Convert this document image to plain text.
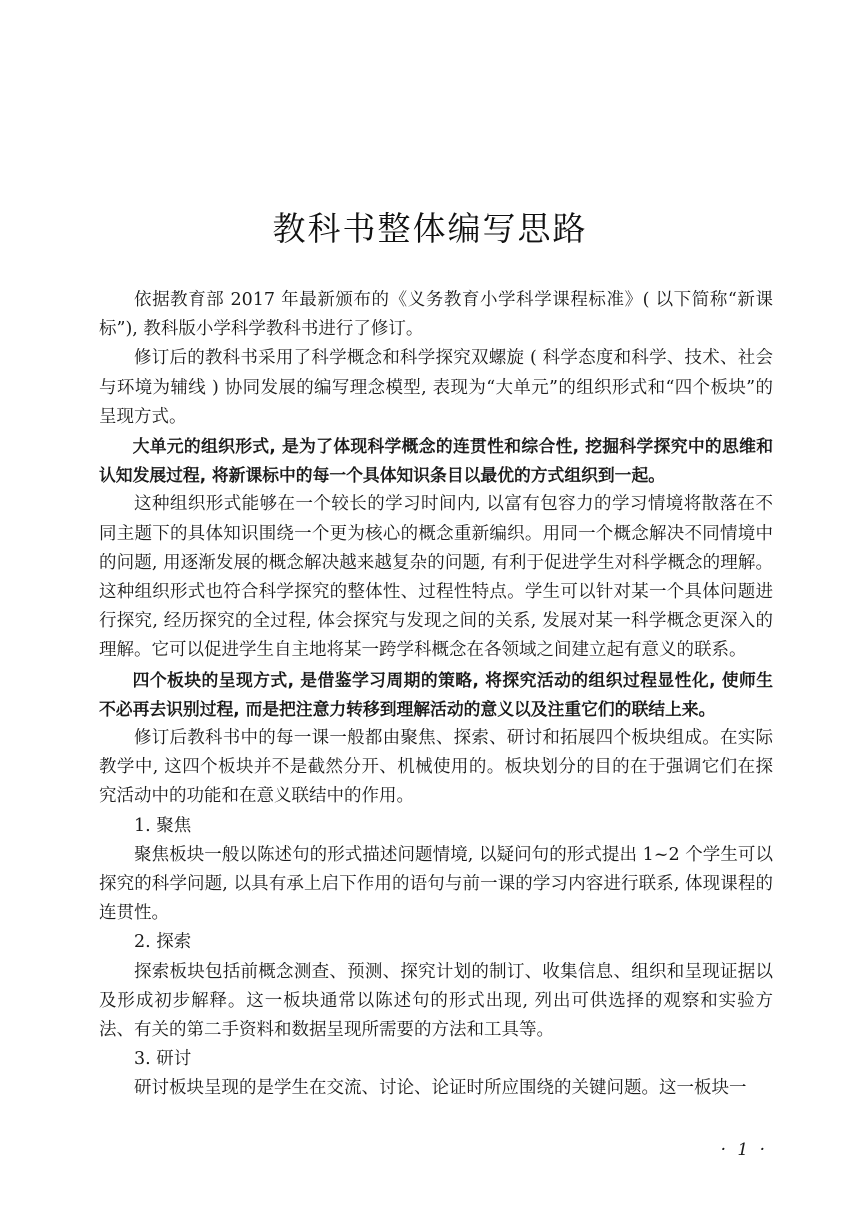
教科书整体编写思路

依据教育部 2017 年最新颁布的《义务教育小学科学课程标准》( 以下简称“新课标”), 教科版小学科学教科书进行了修订。

修订后的教科书采用了科学概念和科学探究双螺旋 ( 科学态度和科学、技术、社会与环境为辅线 ) 协同发展的编写理念模型, 表现为“大单元”的组织形式和“四个板块”的呈现方式。

大单元的组织形式, 是为了体现科学概念的连贯性和综合性, 挖掘科学探究中的思维和认知发展过程, 将新课标中的每一个具体知识条目以最优的方式组织到一起。

这种组织形式能够在一个较长的学习时间内, 以富有包容力的学习情境将散落在不同主题下的具体知识围绕一个更为核心的概念重新编织。用同一个概念解决不同情境中的问题, 用逐渐发展的概念解决越来越复杂的问题, 有利于促进学生对科学概念的理解。这种组织形式也符合科学探究的整体性、过程性特点。学生可以针对某一个具体问题进行探究, 经历探究的全过程, 体会探究与发现之间的关系, 发展对某一科学概念更深入的理解。它可以促进学生自主地将某一跨学科概念在各领域之间建立起有意义的联系。

四个板块的呈现方式, 是借鉴学习周期的策略, 将探究活动的组织过程显性化, 使师生不必再去识别过程, 而是把注意力转移到理解活动的意义以及注重它们的联结上来。

修订后教科书中的每一课一般都由聚焦、探索、研讨和拓展四个板块组成。在实际教学中, 这四个板块并不是截然分开、机械使用的。板块划分的目的在于强调它们在探究活动中的功能和在意义联结中的作用。

1. 聚焦

聚焦板块一般以陈述句的形式描述问题情境, 以疑问句的形式提出 1~2 个学生可以探究的科学问题, 以具有承上启下作用的语句与前一课的学习内容进行联系, 体现课程的连贯性。

2. 探索

探索板块包括前概念测查、预测、探究计划的制订、收集信息、组织和呈现证据以及形成初步解释。这一板块通常以陈述句的形式出现, 列出可供选择的观察和实验方法、有关的第二手资料和数据呈现所需要的方法和工具等。

3. 研讨

研讨板块呈现的是学生在交流、讨论、论证时所应围绕的关键问题。这一板块一

· 1 ·
